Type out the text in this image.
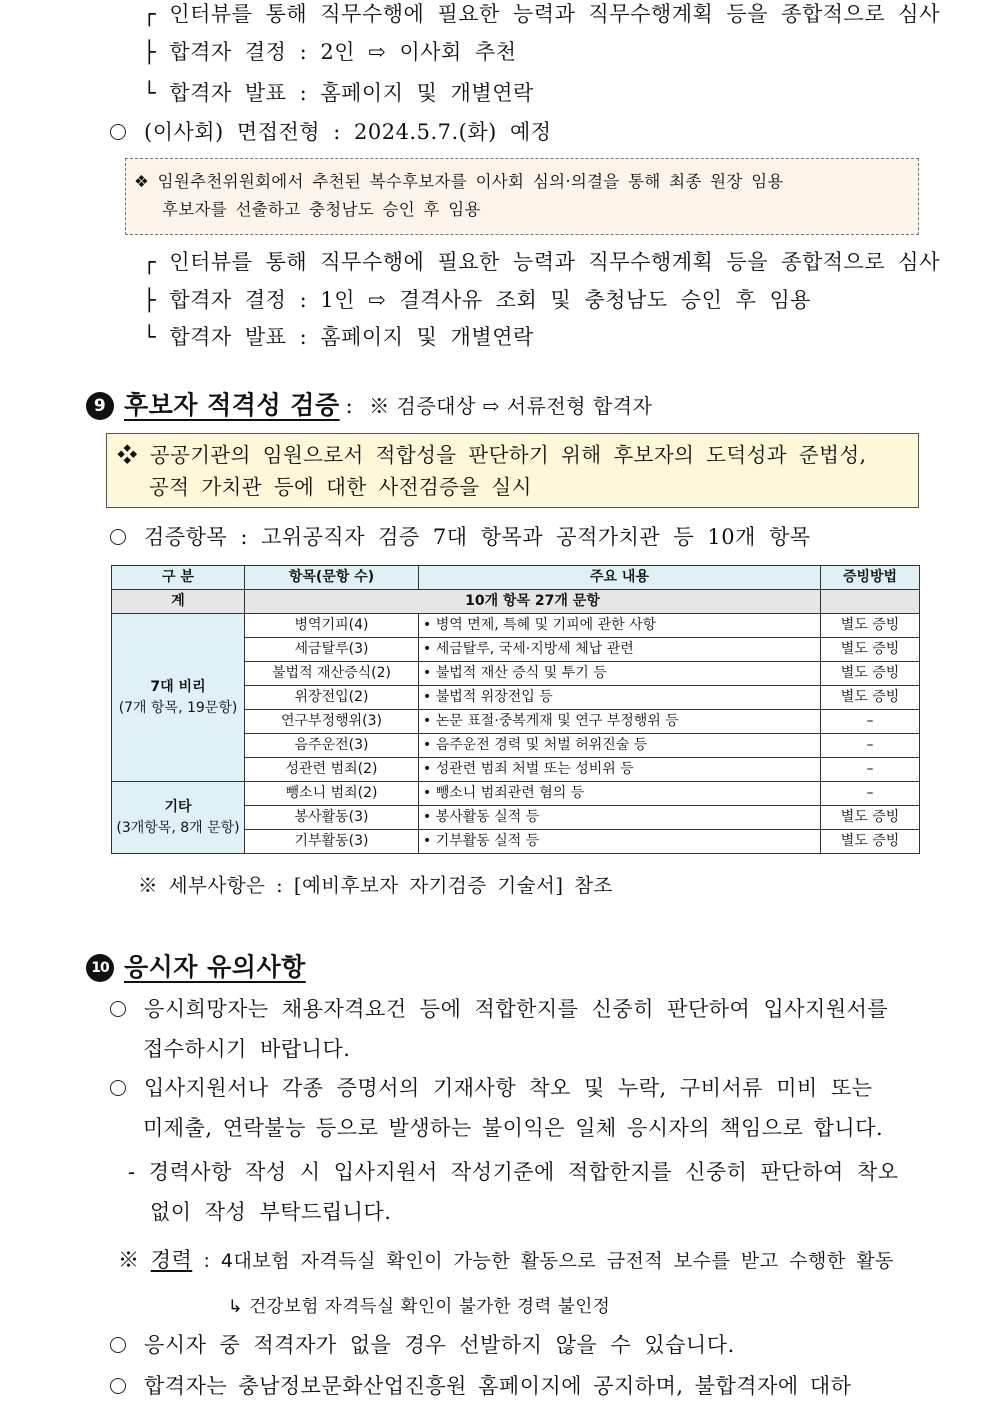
┌ 인터뷰를 통해 직무수행에 필요한 능력과 직무수행계획 등을 종합적으로 심사
├ 합격자 결정 : 2인 ⇨ 이사회 추천
└ 합격자 발표 : 홈페이지 및 개별연락
(이사회) 면접전형 : 2024.5.7.(화) 예정
❖ 임원추천위원회에서 추천된 복수후보자를 이사회 심의·의결을 통해 최종 원장 임용
후보자를 선출하고 충청남도 승인 후 임용
┌ 인터뷰를 통해 직무수행에 필요한 능력과 직무수행계획 등을 종합적으로 심사
├ 합격자 결정 : 1인 ⇨ 결격사유 조회 및 충청남도 승인 후 임용
└ 합격자 발표 : 홈페이지 및 개별연락
9 후보자 적격성 검증 : ※ 검증대상 ⇨ 서류전형 합격자
❖ 공공기관의 임원으로서 적합성을 판단하기 위해 후보자의 도덕성과 준법성,
공적 가치관 등에 대한 사전검증을 실시
검증항목 : 고위공직자 검증 7대 항목과 공적가치관 등 10개 항목
구 분	항목(문항 수)	주요 내용	증빙방법
계	10개 항목 27개 문항		

7대 비리
(7개 항목, 19문항)	병역기피(4)	• 병역 면제, 특혜 및 기피에 관한 사항	별도 증빙
	세금탈루(3)	• 세금탈루, 국세·지방세 체납 관련	별도 증빙
	불법적 재산증식(2)	• 불법적 재산 증식 및 투기 등	별도 증빙
	위장전입(2)	• 불법적 위장전입 등	별도 증빙
	연구부정행위(3)	• 논문 표절·중복게재 및 연구 부정행위 등	–
	음주운전(3)	• 음주운전 경력 및 처벌 허위진술 등	–
	성관련 범죄(2)	• 성관련 범죄 처벌 또는 성비위 등	–

기타
(3개항목, 8개 문항)	뺑소니 범죄(2)	• 뺑소니 범죄관련 혐의 등	–
	봉사활동(3)	• 봉사활동 실적 등	별도 증빙
	기부활동(3)	• 기부활동 실적 등	별도 증빙
※ 세부사항은 : [예비후보자 자기검증 기술서] 참조
10 응시자 유의사항
응시희망자는 채용자격요건 등에 적합한지를 신중히 판단하여 입사지원서를
접수하시기 바랍니다.
입사지원서나 각종 증명서의 기재사항 착오 및 누락, 구비서류 미비 또는
미제출, 연락불능 등으로 발생하는 불이익은 일체 응시자의 책임으로 합니다.
- 경력사항 작성 시 입사지원서 작성기준에 적합한지를 신중히 판단하여 착오
없이 작성 부탁드립니다.
※ 경력 : 4대보험 자격득실 확인이 가능한 활동으로 금전적 보수를 받고 수행한 활동
↳ 건강보험 자격득실 확인이 불가한 경력 불인정
응시자 중 적격자가 없을 경우 선발하지 않을 수 있습니다.
합격자는 충남정보문화산업진흥원 홈페이지에 공지하며, 불합격자에 대하
